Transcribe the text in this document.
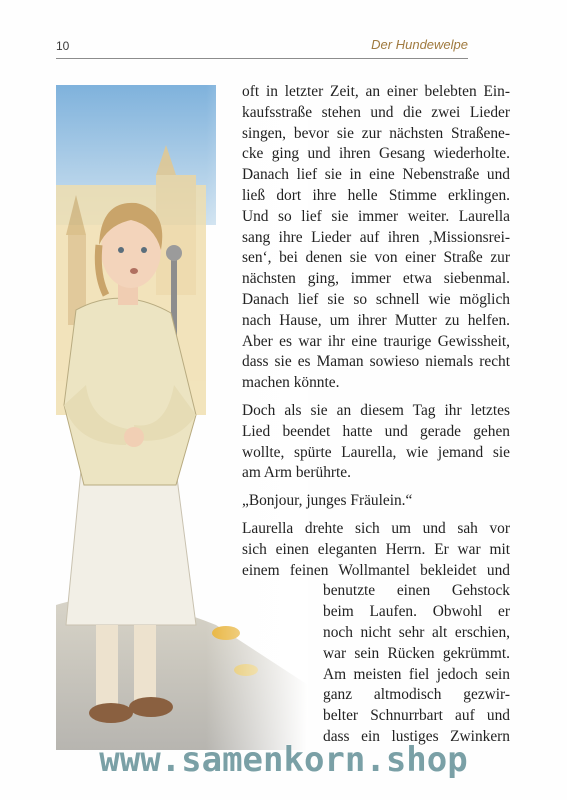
10	Der Hundewelpe

oft in letzter Zeit, an einer belebten Ein-
kaufsstraße stehen und die zwei Lieder
singen, bevor sie zur nächsten Straßene-
cke ging und ihren Gesang wiederholte.
Danach lief sie in eine Nebenstraße und
ließ dort ihre helle Stimme erklingen.
Und so lief sie immer weiter. Laurella
sang ihre Lieder auf ihren ‚Missionsrei-
sen‘, bei denen sie von einer Straße zur
nächsten ging, immer etwa siebenmal.
Danach lief sie so schnell wie möglich
nach Hause, um ihrer Mutter zu helfen.
Aber es war ihr eine traurige Gewissheit,
dass sie es Maman sowieso niemals recht
machen könnte.

Doch als sie an diesem Tag ihr letztes
Lied beendet hatte und gerade gehen
wollte, spürte Laurella, wie jemand sie
am Arm berührte.

„Bonjour, junges Fräulein.“

Laurella drehte sich um und sah vor
sich einen eleganten Herrn. Er war mit
einem feinen Wollmantel bekleidet und

benutzte einen Gehstock
beim Laufen. Obwohl er
noch nicht sehr alt erschien,
war sein Rücken gekrümmt.
Am meisten fiel jedoch sein
ganz altmodisch gezwir-
belter Schnurrbart auf und
dass ein lustiges Zwinkern

www.samenkorn.shop
